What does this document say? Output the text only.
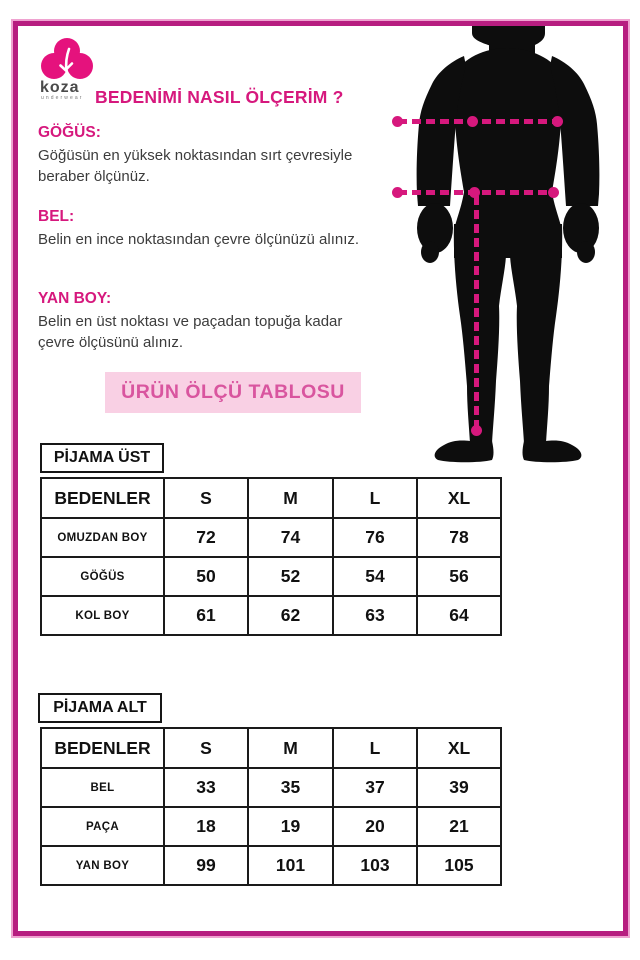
koza
underwear BEDENİMİ NASIL ÖLÇERİM ?
GÖĞÜS:
Göğüsün en yüksek noktasından sırt çevresiyle beraber ölçünüz.
BEL:
Belin en ince noktasından çevre ölçünüzü alınız.
YAN BOY:
Belin en üst noktası ve paçadan topuğa kadar çevre ölçüsünü alınız.
ÜRÜN ÖLÇÜ TABLOSU
PİJAMA ÜST
BEDENLER	S	M	L	XL
OMUZDAN BOY	72	74	76	78
GÖĞÜS	50	52	54	56
KOL BOY	61	62	63	64
PİJAMA ALT
BEDENLER	S	M	L	XL
BEL	33	35	37	39
PAÇA	18	19	20	21
YAN BOY	99	101	103	105
